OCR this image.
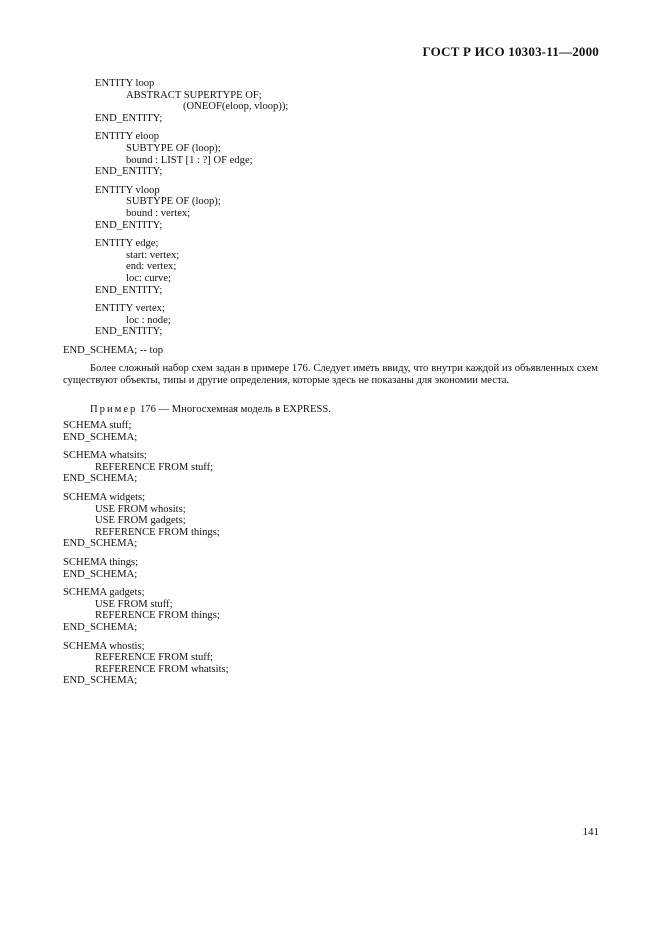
ГОСТ Р ИСО 10303-11—2000
ENTITY loop
ABSTRACT SUPERTYPE OF;
(ONEOF(eloop, vloop));
END_ENTITY;
ENTITY eloop
SUBTYPE OF (loop);
bound : LIST [1 : ?] OF edge;
END_ENTITY;
ENTITY vloop
SUBTYPE OF (loop);
bound : vertex;
END_ENTITY;
ENTITY edge;
start: vertex;
end: vertex;
loc: curve;
END_ENTITY;
ENTITY vertex;
loc : node;
END_ENTITY;
END_SCHEMA; -- top
Более сложный набор схем задан в примере 176. Следует иметь ввиду, что внутри каждой из объявленных схем существуют объекты, типы и другие определения, которые здесь не показаны для экономии места.
Пример 176 — Многосхемная модель в EXPRESS.
SCHEMA stuff;
END_SCHEMA;
SCHEMA whatsits;
REFERENCE FROM stuff;
END_SCHEMA;
SCHEMA widgets;
USE FROM whosits;
USE FROM gadgets;
REFERENCE FROM things;
END_SCHEMA;
SCHEMA things;
END_SCHEMA;
SCHEMA gadgets;
USE FROM stuff;
REFERENCE FROM things;
END_SCHEMA;
SCHEMA whostis;
REFERENCE FROM stuff;
REFERENCE FROM whatsits;
END_SCHEMA;
141
